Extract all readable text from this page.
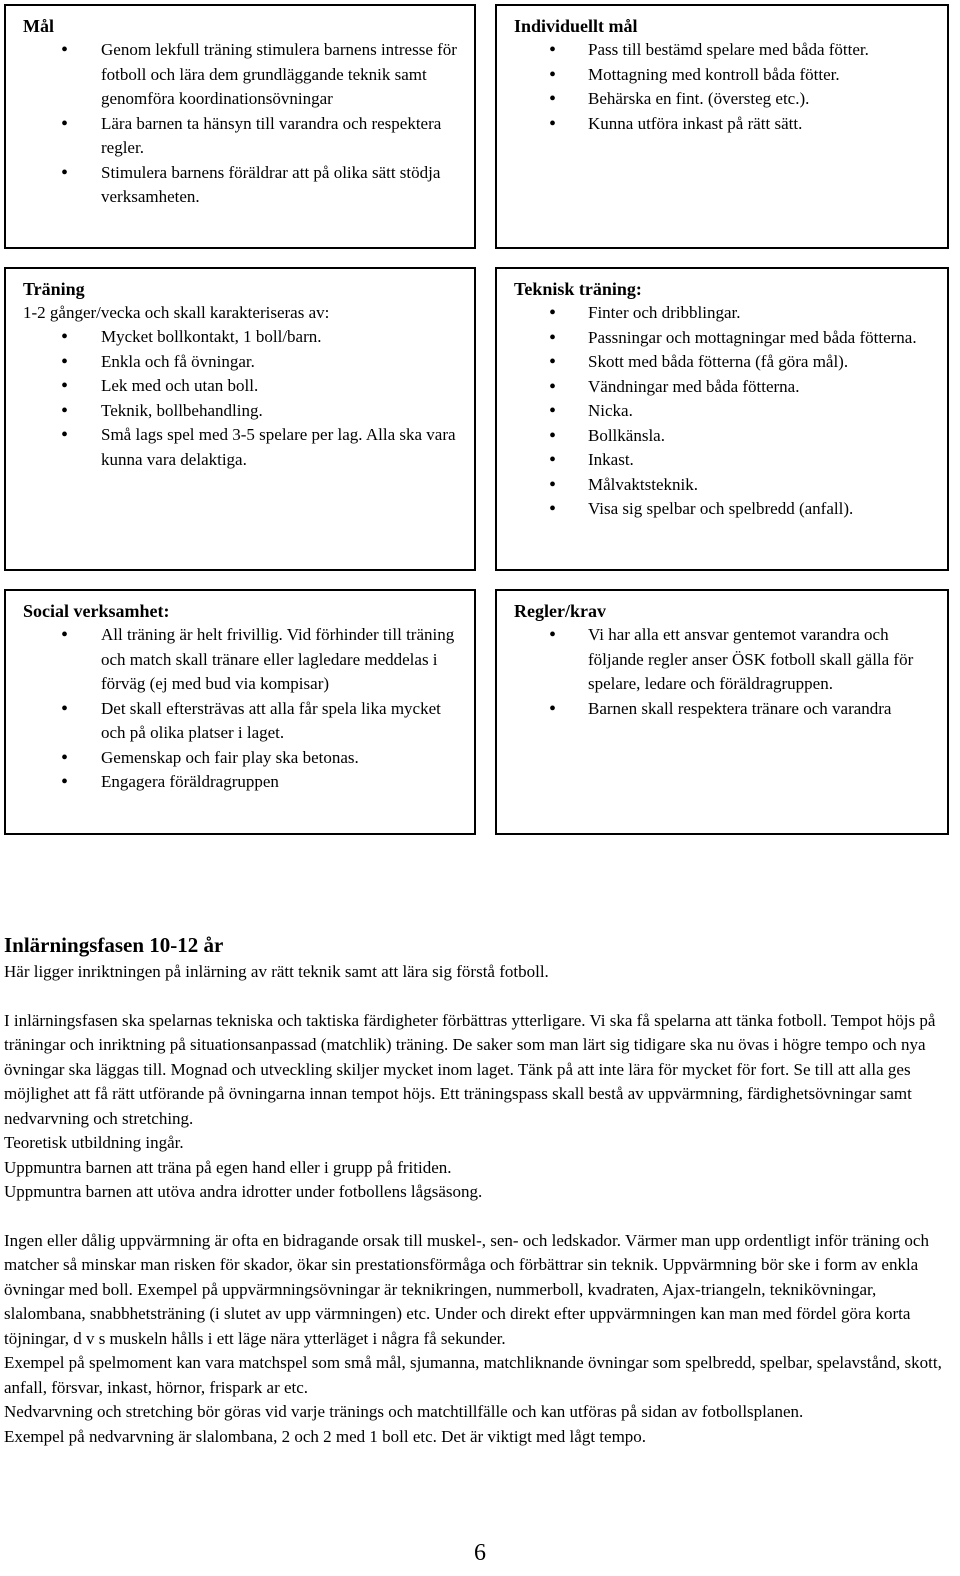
Mål
• Genom lekfull träning stimulera barnens intresse för fotboll och lära dem grundläggande teknik samt genomföra koordinationsövningar
• Lära barnen ta hänsyn till varandra och respektera regler.
• Stimulera barnens föräldrar att på olika sätt stödja verksamheten.
Individuellt mål
• Pass till bestämd spelare med båda fötter.
• Mottagning med kontroll båda fötter.
• Behärska en fint. (översteg etc.).
• Kunna utföra inkast på rätt sätt.
Träning
1-2 gånger/vecka och skall karakteriseras av:
• Mycket bollkontakt, 1 boll/barn.
• Enkla och få övningar.
• Lek med och utan boll.
• Teknik, bollbehandling.
• Små lags spel med 3-5 spelare per lag. Alla ska vara kunna vara delaktiga.
Teknisk träning:
• Finter och dribblingar.
• Passningar och mottagningar med båda fötterna.
• Skott med båda fötterna (få göra mål).
• Vändningar med båda fötterna.
• Nicka.
• Bollkänsla.
• Inkast.
• Målvaktsteknik.
• Visa sig spelbar och spelbredd (anfall).
Social verksamhet:
• All träning är helt frivillig. Vid förhinder till träning och match skall tränare eller lagledare meddelas i förväg (ej med bud via kompisar)
• Det skall eftersträvas att alla får spela lika mycket och på olika platser i laget.
• Gemenskap och fair play ska betonas.
• Engagera föräldragruppen
Regler/krav
• Vi har alla ett ansvar gentemot varandra och följande regler anser ÖSK fotboll skall gälla för spelare, ledare och föräldragruppen.
• Barnen skall respektera tränare och varandra
Inlärningsfasen 10-12 år

Här ligger inriktningen på inlärning av rätt teknik samt att lära sig förstå fotboll.

I inlärningsfasen ska spelarnas tekniska och taktiska färdigheter förbättras ytterligare. Vi ska få spelarna att tänka fotboll. Tempot höjs på träningar och inriktning på situationsanpassad (matchlik) träning. De saker som man lärt sig tidigare ska nu övas i högre tempo och nya övningar ska läggas till. Mognad och utveckling skiljer mycket inom laget. Tänk på att inte lära för mycket för fort. Se till att alla ges möjlighet att få rätt utförande på övningarna innan tempot höjs. Ett träningspass skall bestå av uppvärmning, färdighetsövningar samt nedvarvning och stretching.

Teoretisk utbildning ingår.

Uppmuntra barnen att träna på egen hand eller i grupp på fritiden.

Uppmuntra barnen att utöva andra idrotter under fotbollens lågsäsong.

Ingen eller dålig uppvärmning är ofta en bidragande orsak till muskel-, sen- och ledskador. Värmer man upp ordentligt inför träning och matcher så minskar man risken för skador, ökar sin prestationsförmåga och förbättrar sin teknik. Uppvärmning bör ske i form av enkla övningar med boll. Exempel på uppvärmningsövningar är teknikringen, nummerboll, kvadraten, Ajax-triangeln, teknikövningar, slalombana, snabbhetsträning (i slutet av upp värmningen) etc. Under och direkt efter uppvärmningen kan man med fördel göra korta töjningar, d v s muskeln hålls i ett läge nära ytterläget i några få sekunder.

Exempel på spelmoment kan vara matchspel som små mål, sjumanna, matchliknande övningar som spelbredd, spelbar, spelavstånd, skott, anfall, försvar, inkast, hörnor, frispark ar etc.

Nedvarvning och stretching bör göras vid varje tränings och matchtillfälle och kan utföras på sidan av fotbollsplanen.

Exempel på nedvarvning är slalombana, 2 och 2 med 1 boll etc. Det är viktigt med lågt tempo.

6
